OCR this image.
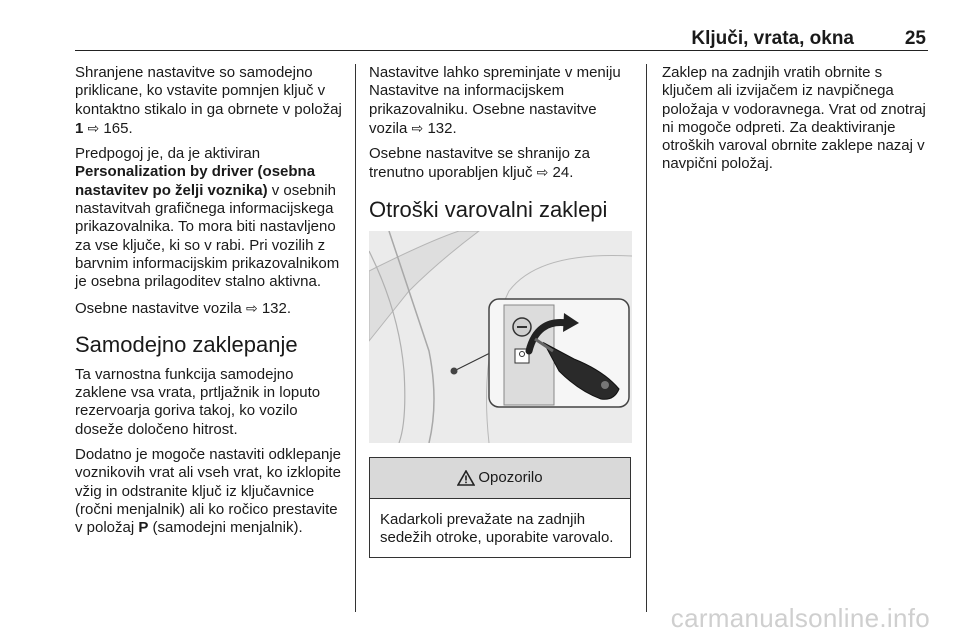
Ključi, vrata, okna	25

Shranjene nastavitve so samodejno priklicane, ko vstavite pomnjen ključ v kontaktno stikalo in ga obrnete v položaj 1 ⇨ 165.

Predpogoj je, da je aktiviran Personalization by driver (osebna nastavitev po želji voznika) v osebnih nastavitvah grafičnega informacijskega prikazovalnika. To mora biti nastavljeno za vse ključe, ki so v rabi. Pri vozilih z barvnim informacijskim prikazovalnikom je osebna prilagoditev stalno aktivna.

Osebne nastavitve vozila ⇨ 132.

Samodejno zaklepanje

Ta varnostna funkcija samodejno zaklene vsa vrata, prtljažnik in loputo rezervoarja goriva takoj, ko vozilo doseže določeno hitrost.

Dodatno je mogoče nastaviti odklepanje voznikovih vrat ali vseh vrat, ko izklopite vžig in odstranite ključ iz ključavnice (ročni menjalnik) ali ko ročico prestavite v položaj P (samodejni menjalnik).

Nastavitve lahko spreminjate v meniju Nastavitve na informacijskem prikazovalniku. Osebne nastavitve vozila ⇨ 132.

Osebne nastavitve se shranijo za trenutno uporabljen ključ ⇨ 24.

Otroški varovalni zaklepi
Opozorilo
Kadarkoli prevažate na zadnjih sedežih otroke, uporabite varovalo.

Zaklep na zadnjih vratih obrnite s ključem ali izvijačem iz navpičnega položaja v vodoravnega. Vrat od znotraj ni mogoče odpreti. Za deaktiviranje otroških varoval obrnite zaklepe nazaj v navpični položaj.

carmanualsonline.info
